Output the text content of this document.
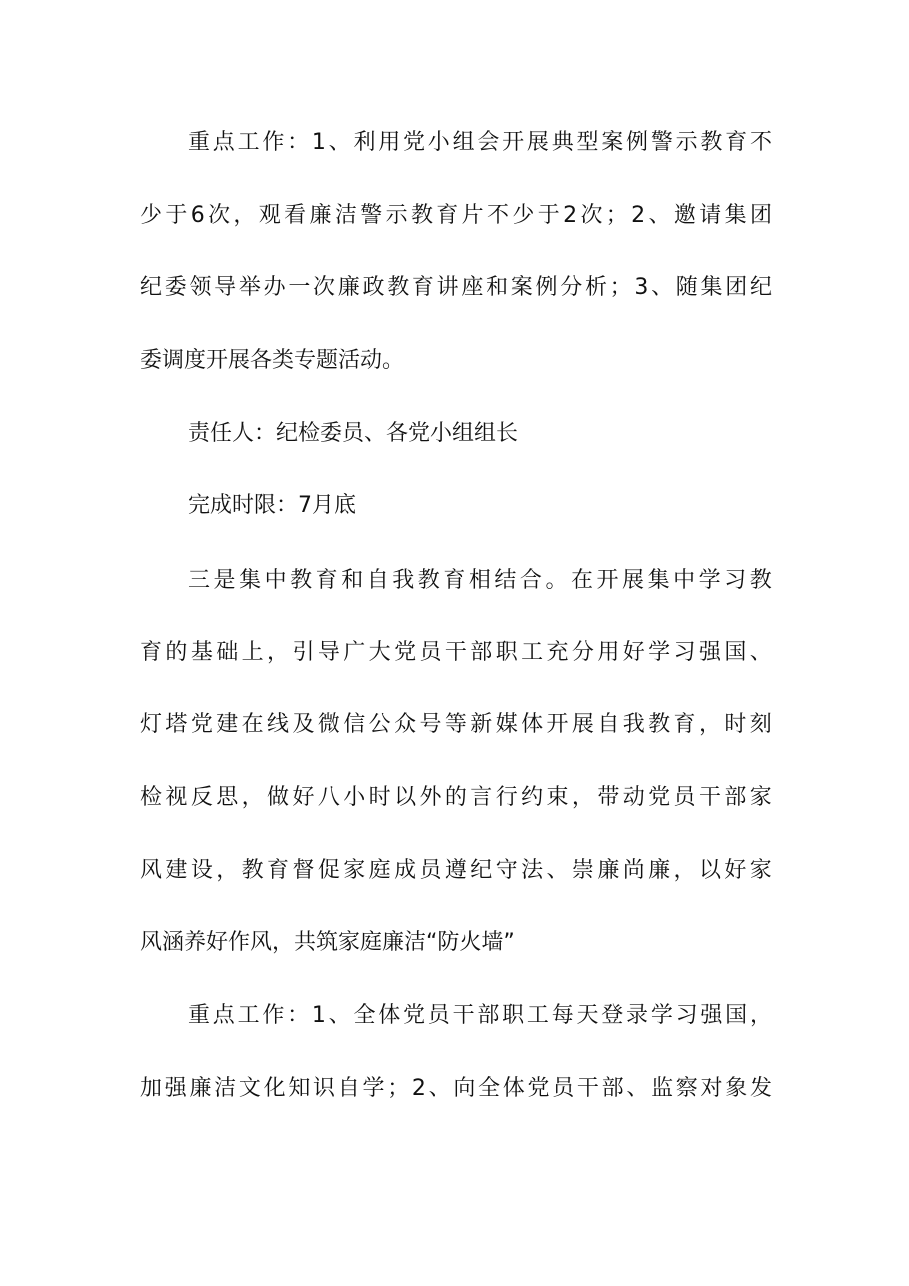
重 点 工 作 ： 1 、 利 用 党 小 组 会 开 展 典 型 案 例 警 示 教 育 不
少 于 6 次 ， 观 看 廉 洁 警 示 教 育 片 不 少 于 2 次 ； 2 、 邀 请 集 团
纪 委 领 导 举 办 一 次 廉 政 教 育 讲 座 和 案 例 分 析 ； 3 、 随 集 团 纪
委调度开展各类专题活动。
责任人：纪检委员、各党小组组长
完成时限：7月底
三 是 集 中 教 育 和 自 我 教 育 相 结 合 。 在 开 展 集 中 学 习 教
育 的 基 础 上 ， 引 导 广 大 党 员 干 部 职 工 充 分 用 好 学 习 强 国 、
灯 塔 党 建 在 线 及 微 信 公 众 号 等 新 媒 体 开 展 自 我 教 育 ， 时 刻
检 视 反 思 ， 做 好 八 小 时 以 外 的 言 行 约 束 ， 带 动 党 员 干 部 家
风 建 设 ， 教 育 督 促 家 庭 成 员 遵 纪 守 法 、 崇 廉 尚 廉 ， 以 好 家
风涵养好作风，共筑家庭廉洁“防火墙”
重 点 工 作 ： 1 、 全 体 党 员 干 部 职 工 每 天 登 录 学 习 强 国 ，
加 强 廉 洁 文 化 知 识 自 学 ； 2 、 向 全 体 党 员 干 部 、 监 察 对 象 发
